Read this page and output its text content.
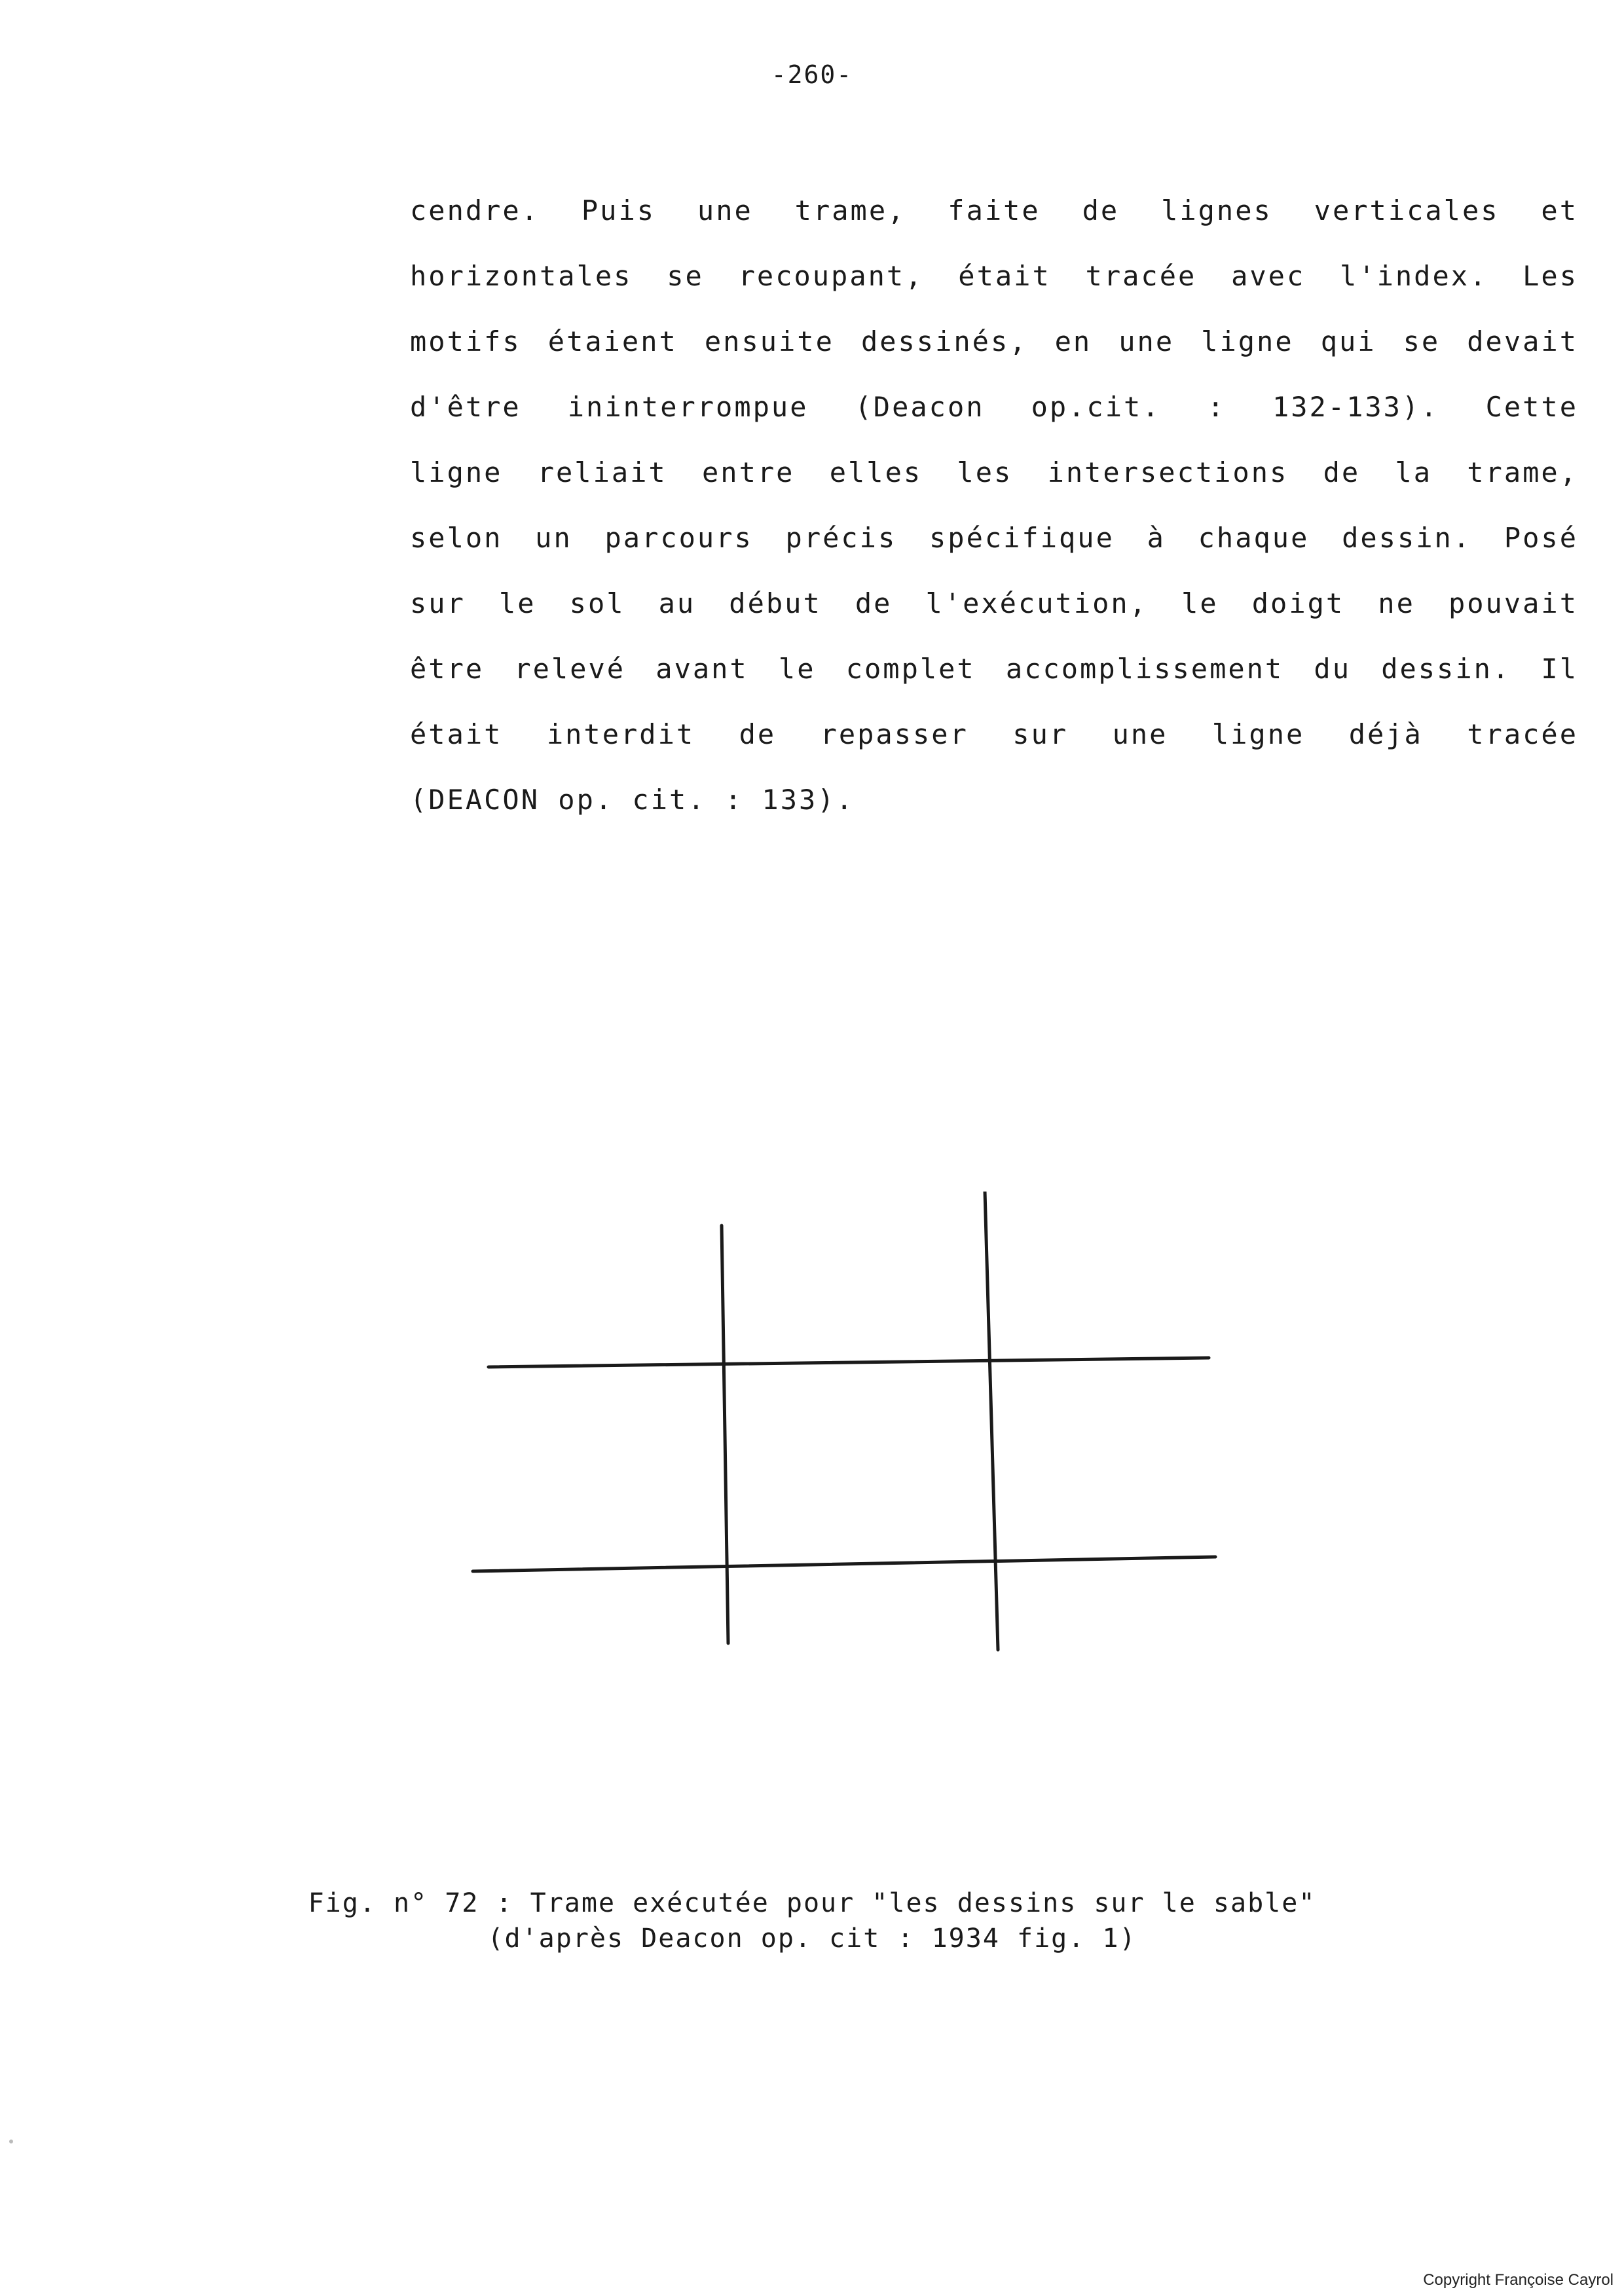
-260-
cendre. Puis une trame, faite de lignes verticales et
horizontales se recoupant, était tracée avec l'index. Les
motifs étaient ensuite dessinés, en une ligne qui se devait
d'être ininterrompue (Deacon op.cit. : 132-133). Cette
ligne reliait entre elles les intersections de la trame,
selon un parcours précis spécifique à chaque dessin. Posé
sur le sol au début de l'exécution, le doigt ne pouvait
être relevé avant le complet accomplissement du dessin. Il
était interdit de repasser sur une ligne déjà tracée
(DEACON op. cit. : 133).
Fig. n° 72 : Trame exécutée pour "les dessins sur le sable"
(d'après Deacon op. cit : 1934 fig. 1)
Copyright Françoise Cayrol
